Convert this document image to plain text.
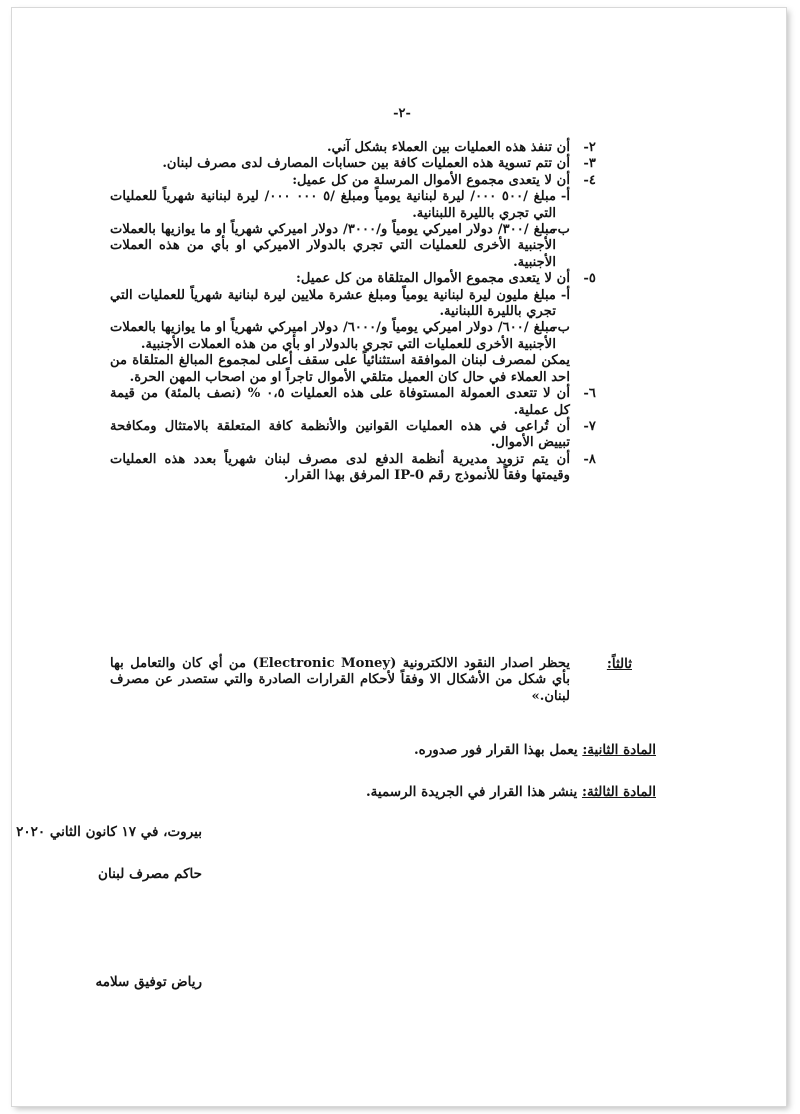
-٢-

٢-
أن تنفذ هذه العمليات بين العملاء بشكل آني.

٣-
أن تتم تسوية هذه العمليات كافة بين حسابات المصارف لدى مصرف لبنان.

٤-
أن لا يتعدى مجموع الأموال المرسلة من كل عميل:

أ-
مبلغ /٥٠٠ ٠٠٠/ ليرة لبنانية يومياً ومبلغ /٥ ٠٠٠ ٠٠٠/ ليرة لبنانية شهرياً للعمليات التي تجري بالليرة اللبنانية.

ب-
مبلغ /٣٠٠/ دولار اميركي يومياً و/٣٠٠٠/ دولار اميركي شهرياً او ما يوازيها بالعملات الأجنبية الأخرى للعمليات التي تجري بالدولار الاميركي او بأي من هذه العملات الأجنبية.

٥-
أن لا يتعدى مجموع الأموال المتلقاة من كل عميل:

أ-
مبلغ مليون ليرة لبنانية يومياً ومبلغ عشرة ملايين ليرة لبنانية شهرياً للعمليات التي تجري بالليرة اللبنانية.

ب-
مبلغ /٦٠٠/ دولار اميركي يومياً و/٦٠٠٠/ دولار اميركي شهرياً او ما يوازيها بالعملات الأجنبية الأخرى للعمليات التي تجري بالدولار او بأي من هذه العملات الأجنبية.

يمكن لمصرف لبنان الموافقة استثنائياً على سقف أعلى لمجموع المبالغ المتلقاة من احد العملاء في حال كان العميل متلقي الأموال تاجراً او من اصحاب المهن الحرة.

٦-
أن لا تتعدى العمولة المستوفاة على هذه العمليات ٠،٥ % (نصف بالمئة) من قيمة كل عملية.

٧-
أن تُراعى في هذه العمليات القوانين والأنظمة كافة المتعلقة بالامتثال ومكافحة تبييض الأموال.

٨-
أن يتم تزويد مديرية أنظمة الدفع لدى مصرف لبنان شهرياً بعدد هذه العمليات وقيمتها وفقاً للأنموذج رقم IP-0 المرفق بهذا القرار.

ثالثاً:
يحظر اصدار النقود الالكترونية (Electronic Money) من أي كان والتعامل بها بأي شكل من الأشكال الا وفقاً لأحكام القرارات الصادرة والتي ستصدر عن مصرف لبنان.»
المادة الثانية: يعمل بهذا القرار فور صدوره.
المادة الثالثة: ينشر هذا القرار في الجريدة الرسمية.
بيروت، في ١٧ كانون الثاني ٢٠٢٠
حاكم مصرف لبنان
رياض توفيق سلامه
